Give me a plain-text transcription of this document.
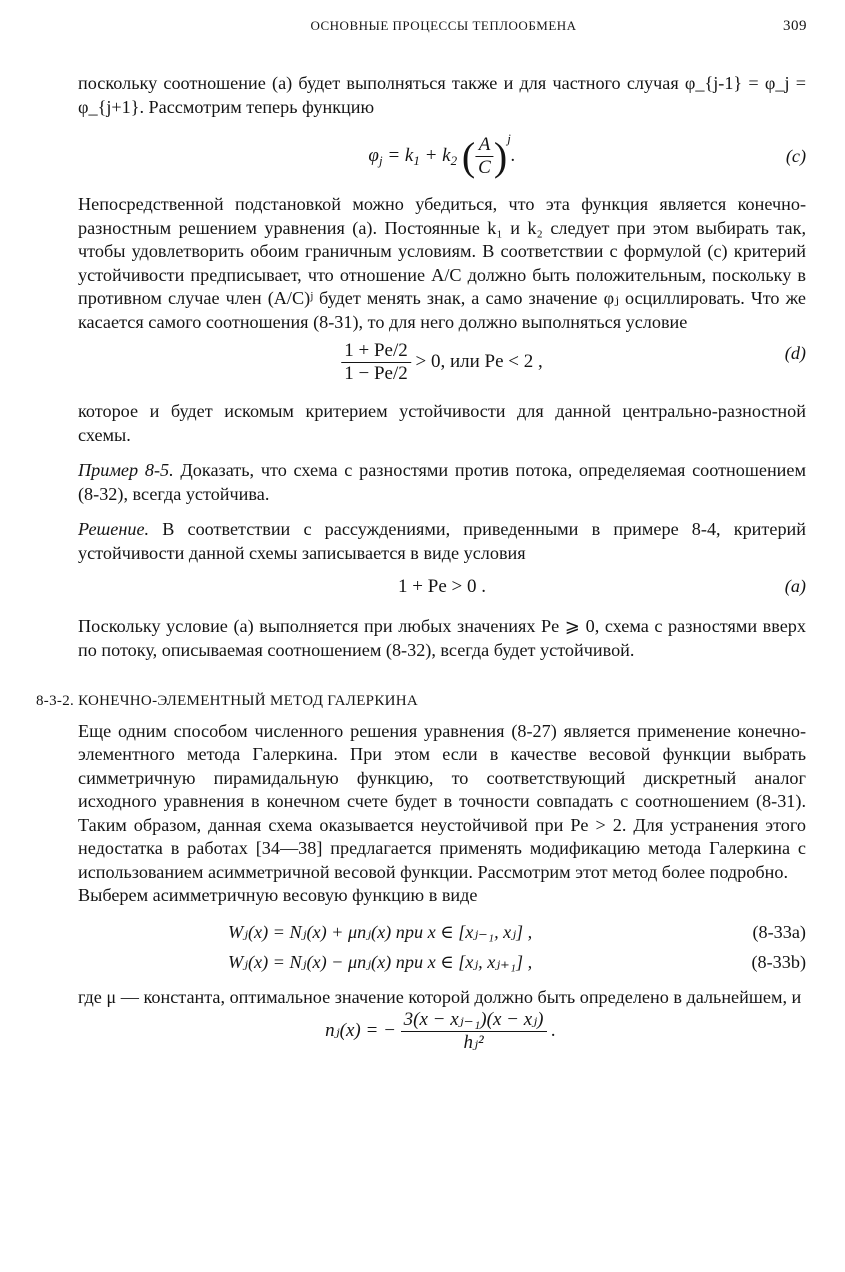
ОСНОВНЫЕ ПРОЦЕССЫ ТЕПЛООБМЕНА	309

поскольку соотношение (a) будет выполняться также и для частного случая φ_{j-1} = φ_j = φ_{j+1}. Рассмотрим теперь функцию

$\varphi_j = k_1 + k_2$ ( $\frac{A}{C} )^j$.	(c)

Непосредственной подстановкой можно убедиться, что эта функция является конечно-разностным решением уравнения (a). Постоянные k₁ и k₂ следует при этом выбирать так, чтобы удовлетворить обоим граничным условиям. В соответствии с формулой (c) критерий устойчивости предписывает, что отношение A/C должно быть положительным, поскольку в противном случае член (A/C)ʲ будет менять знак, а само значение φⱼ осциллировать. Что же касается самого соотношения (8-31), то для него должно выполняться условие

$\frac{1 + Pe/2}{1 - Pe/2} > 0$, или Pe < 2 ,	(d)

которое и будет искомым критерием устойчивости для данной центрально-разностной схемы.

Пример 8-5. Доказать, что схема с разностями против потока, определяемая соотношением (8-32), всегда устойчива.

Решение. В соответствии с рассуждениями, приведенными в примере 8-4, критерий устойчивости данной схемы записывается в виде условия

1 + Pe > 0 .	(a)

Поскольку условие (a) выполняется при любых значениях Pe ⩾ 0, схема с разностями вверх по потоку, описываемая соотношением (8-32), всегда будет устойчивой.

8-3-2. КОНЕЧНО-ЭЛЕМЕНТНЫЙ МЕТОД ГАЛЕРКИНА

Еще одним способом численного решения уравнения (8-27) является применение конечно-элементного метода Галеркина. При этом если в качестве весовой функции выбрать симметричную пирамидальную функцию, то соответствующий дискретный аналог исходного уравнения в конечном счете будет в точности совпадать с соотношением (8-31). Таким образом, данная схема оказывается неустойчивой при Pe > 2. Для устранения этого недостатка в работах [34—38] предлагается применять модификацию метода Галеркина с использованием асимметричной весовой функции. Рассмотрим этот метод более подробно.

Выберем асимметричную весовую функцию в виде

Wⱼ(x) = Nⱼ(x) + μnⱼ(x) при x ∈ [xⱼ₋₁, xⱼ] ,	(8-33a)
Wⱼ(x) = Nⱼ(x) − μnⱼ(x) при x ∈ [xⱼ, xⱼ₊₁] ,	(8-33b)

где μ — константа, оптимальное значение которой должно быть определено в дальнейшем, и

nⱼ(x) = − $\frac{\text{3(x − xⱼ₋₁)(x − xⱼ)}}{\text{hⱼ²}}$ .
